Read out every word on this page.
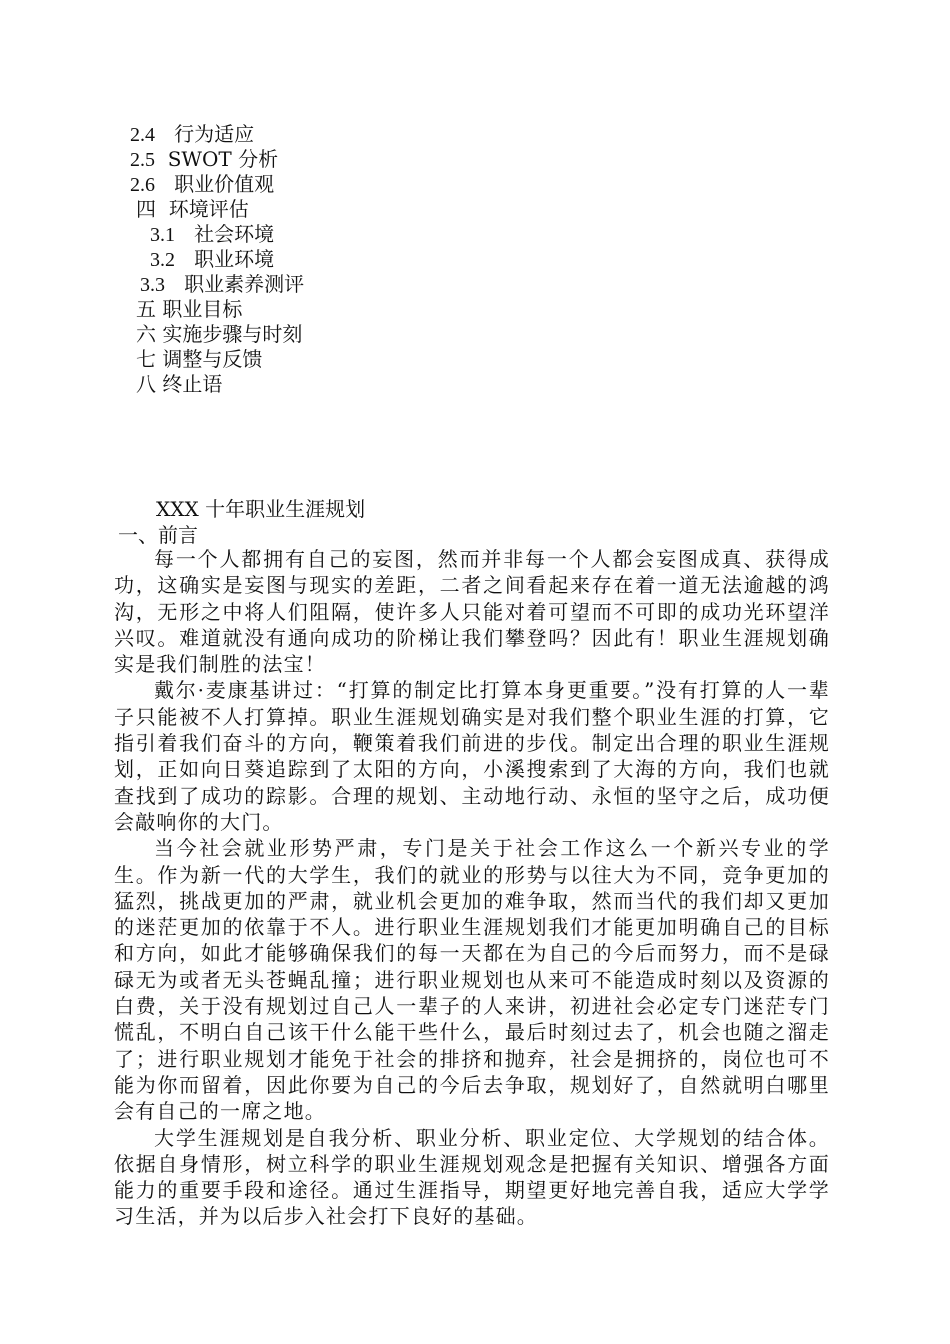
2.4 行为适应
2.5 SWOT 分析
2.6 职业价值观
四 环境评估
3.1 社会环境
3.2 职业环境
3.3 职业素养测评
五 职业目标
六 实施步骤与时刻
七 调整与反馈
八 终止语
XXX 十年职业生涯规划
一、前言

每一个人都拥有自己的妄图，然而并非每一个人都会妄图成真、获得成功，这确实是妄图与现实的差距，二者之间看起来存在着一道无法逾越的鸿沟，无形之中将人们阻隔，使许多人只能对着可望而不可即的成功光环望洋兴叹。难道就没有通向成功的阶梯让我们攀登吗？因此有！职业生涯规划确实是我们制胜的法宝！

戴尔·麦康基讲过：“打算的制定比打算本身更重要。”没有打算的人一辈子只能被不人打算掉。职业生涯规划确实是对我们整个职业生涯的打算，它指引着我们奋斗的方向，鞭策着我们前进的步伐。制定出合理的职业生涯规划，正如向日葵追踪到了太阳的方向，小溪搜索到了大海的方向，我们也就查找到了成功的踪影。合理的规划、主动地行动、永恒的坚守之后，成功便会敲响你的大门。

当今社会就业形势严肃，专门是关于社会工作这么一个新兴专业的学生。作为新一代的大学生，我们的就业的形势与以往大为不同，竞争更加的猛烈，挑战更加的严肃，就业机会更加的难争取，然而当代的我们却又更加的迷茫更加的依靠于不人。进行职业生涯规划我们才能更加明确自己的目标和方向，如此才能够确保我们的每一天都在为自己的今后而努力，而不是碌碌无为或者无头苍蝇乱撞；进行职业规划也从来可不能造成时刻以及资源的白费，关于没有规划过自己人一辈子的人来讲，初进社会必定专门迷茫专门慌乱，不明白自己该干什么能干些什么，最后时刻过去了，机会也随之溜走了；进行职业规划才能免于社会的排挤和抛弃，社会是拥挤的，岗位也可不能为你而留着，因此你要为自己的今后去争取，规划好了，自然就明白哪里会有自己的一席之地。

大学生涯规划是自我分析、职业分析、职业定位、大学规划的结合体。依据自身情形，树立科学的职业生涯规划观念是把握有关知识、增强各方面能力的重要手段和途径。通过生涯指导，期望更好地完善自我，适应大学学习生活，并为以后步入社会打下良好的基础。
